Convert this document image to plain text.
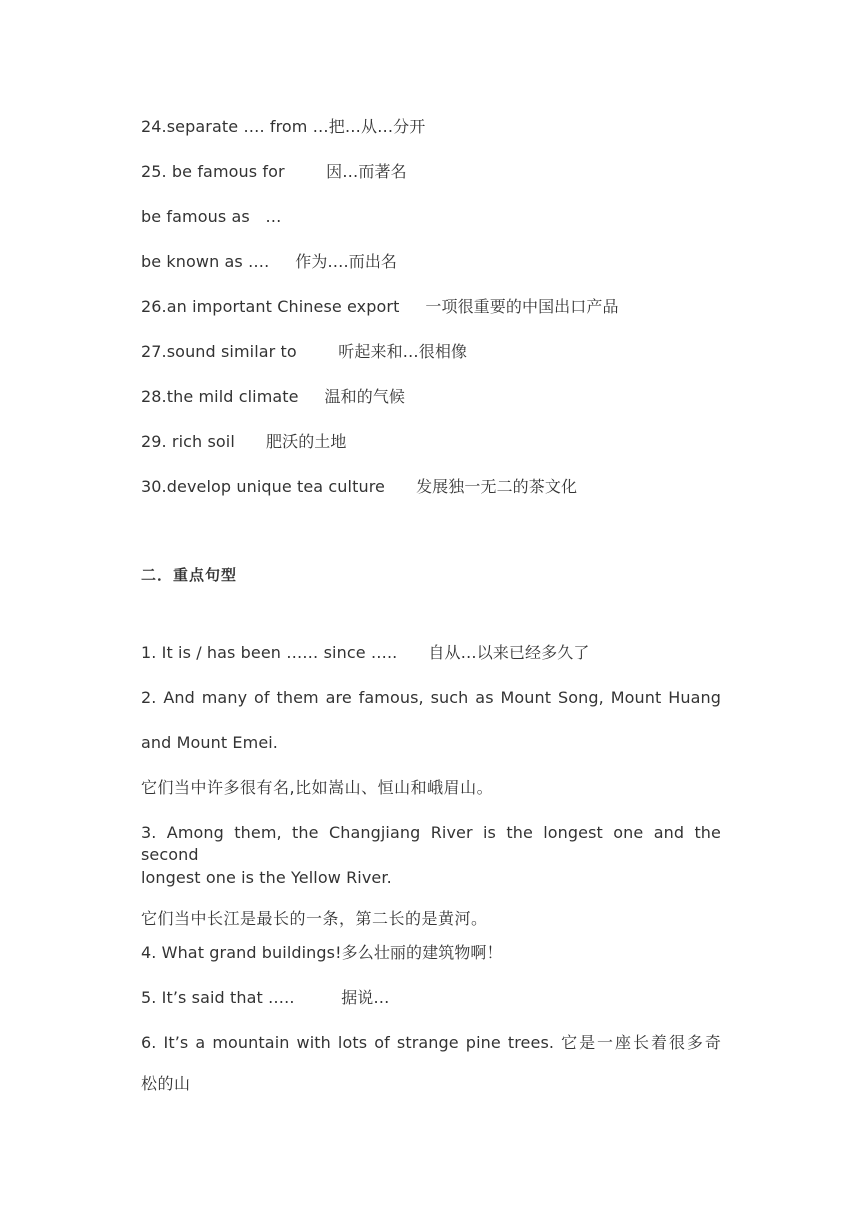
24.separate …. from …把…从…分开
25. be famous for        因…而著名
be famous as   …
be known as ….     作为….而出名
26.an important Chinese export     一项很重要的中国出口产品
27.sound similar to        听起来和…很相像
28.the mild climate     温和的气候
29. rich soil      肥沃的土地
30.develop unique tea culture      发展独一无二的茶文化
二．重点句型
1. It is / has been …… since …..      自从…以来已经多久了
2. And many of them are famous, such as Mount Song, Mount Huang
and Mount Emei.
它们当中许多很有名,比如嵩山、恒山和峨眉山。
3. Among them, the Changjiang River is the longest one and the second
longest one is the Yellow River.
它们当中长江是最长的一条，第二长的是黄河。
4. What grand buildings!多么壮丽的建筑物啊！
5. It’s said that …..         据说…
6. It’s a mountain with lots of strange pine trees. 它是一座长着很多奇
松的山
